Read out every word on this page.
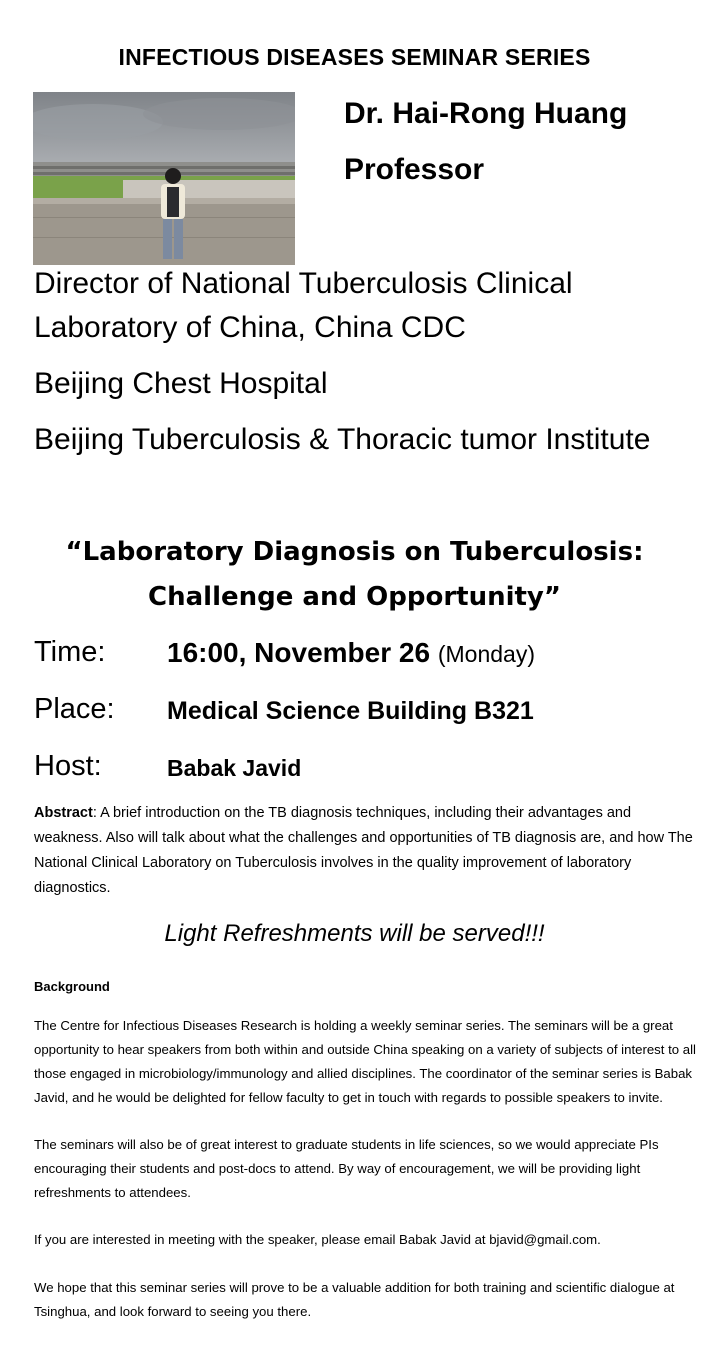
INFECTIOUS DISEASES SEMINAR SERIES
Dr. Hai-Rong Huang
Professor
Director of National Tuberculosis Clinical Laboratory of China, China CDC
Beijing Chest Hospital
Beijing Tuberculosis & Thoracic tumor Institute
“Laboratory Diagnosis on Tuberculosis:
Challenge and Opportunity”
Time: 16:00, November 26 (Monday)
Place: Medical Science Building B321
Host:	Babak Javid
Abstract: A brief introduction on the TB diagnosis techniques, including their advantages and weakness. Also will talk about what the challenges and opportunities of TB diagnosis are, and how The National Clinical Laboratory on Tuberculosis involves in the quality improvement of laboratory diagnostics.
Light Refreshments will be served!!!
Background
The Centre for Infectious Diseases Research is holding a weekly seminar series. The seminars will be a great opportunity to hear speakers from both within and outside China speaking on a variety of subjects of interest to all those engaged in microbiology/immunology and allied disciplines. The coordinator of the seminar series is Babak Javid, and he would be delighted for fellow faculty to get in touch with regards to possible speakers to invite.
The seminars will also be of great interest to graduate students in life sciences, so we would appreciate PIs encouraging their students and post-docs to attend. By way of encouragement, we will be providing light refreshments to attendees.
If you are interested in meeting with the speaker, please email Babak Javid at bjavid@gmail.com.
We hope that this seminar series will prove to be a valuable addition for both training and scientific dialogue at Tsinghua, and look forward to seeing you there.
